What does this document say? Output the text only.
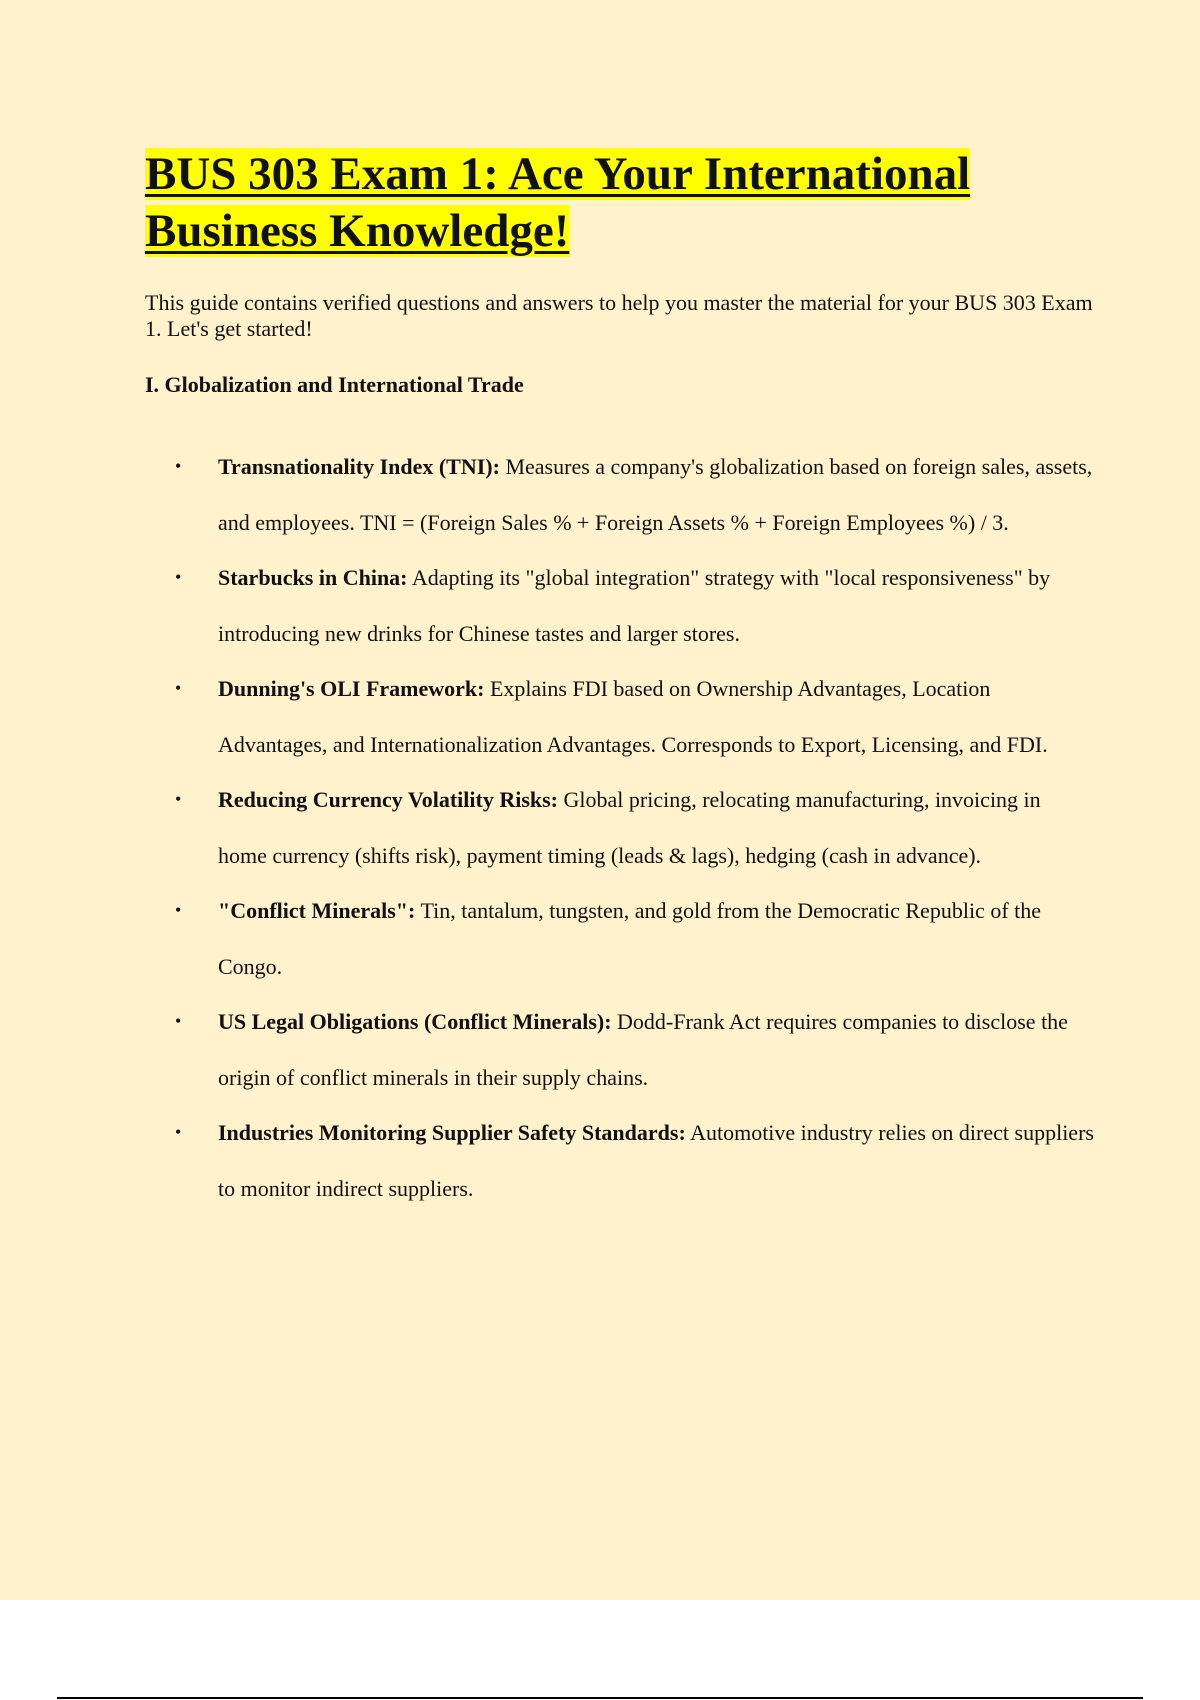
BUS 303 Exam 1: Ace Your International Business Knowledge!

This guide contains verified questions and answers to help you master the material for your BUS 303 Exam 1. Let's get started!

I. Globalization and International Trade

• Transnationality Index (TNI): Measures a company's globalization based on foreign sales, assets, and employees. TNI = (Foreign Sales % + Foreign Assets % + Foreign Employees %) / 3.
• Starbucks in China: Adapting its "global integration" strategy with "local responsiveness" by introducing new drinks for Chinese tastes and larger stores.
• Dunning's OLI Framework: Explains FDI based on Ownership Advantages, Location Advantages, and Internationalization Advantages. Corresponds to Export, Licensing, and FDI.
• Reducing Currency Volatility Risks: Global pricing, relocating manufacturing, invoicing in home currency (shifts risk), payment timing (leads & lags), hedging (cash in advance).
• "Conflict Minerals": Tin, tantalum, tungsten, and gold from the Democratic Republic of the Congo.
• US Legal Obligations (Conflict Minerals): Dodd-Frank Act requires companies to disclose the origin of conflict minerals in their supply chains.
• Industries Monitoring Supplier Safety Standards: Automotive industry relies on direct suppliers to monitor indirect suppliers.
